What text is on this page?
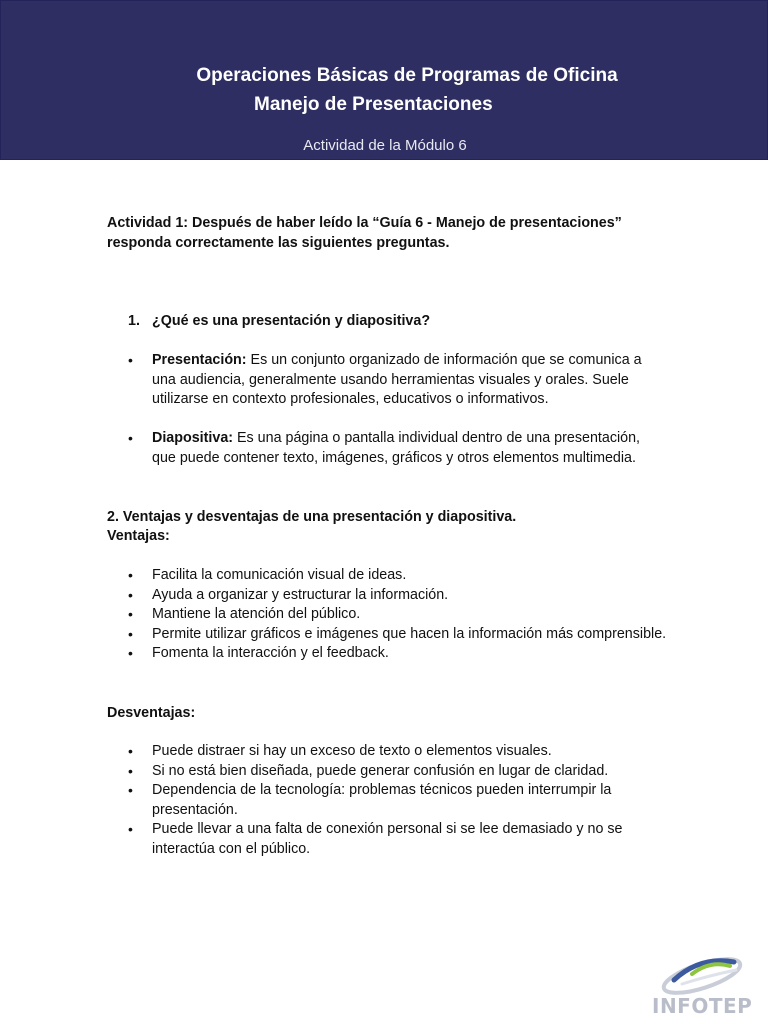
Operaciones Básicas de Programas de Oficina
Manejo de Presentaciones
Actividad de la Módulo 6

Actividad 1: Después de haber leído la “Guía 6 - Manejo de presentaciones” responda correctamente las siguientes preguntas.

1. ¿Qué es una presentación y diapositiva?
• Presentación: Es un conjunto organizado de información que se comunica a una audiencia, generalmente usando herramientas visuales y orales. Suele utilizarse en contexto profesionales, educativos o informativos.
• Diapositiva: Es una página o pantalla individual dentro de una presentación, que puede contener texto, imágenes, gráficos y otros elementos multimedia.

2. Ventajas y desventajas de una presentación y diapositiva.

Ventajas:

• Facilita la comunicación visual de ideas.
• Ayuda a organizar y estructurar la información.
• Mantiene la atención del público.
• Permite utilizar gráficos e imágenes que hacen la información más comprensible.
• Fomenta la interacción y el feedback.

Desventajas:

• Puede distraer si hay un exceso de texto o elementos visuales.
• Si no está bien diseñada, puede generar confusión en lugar de claridad.
• Dependencia de la tecnología: problemas técnicos pueden interrumpir la presentación.
• Puede llevar a una falta de conexión personal si se lee demasiado y no se interactúa con el público.
INFOTEP
